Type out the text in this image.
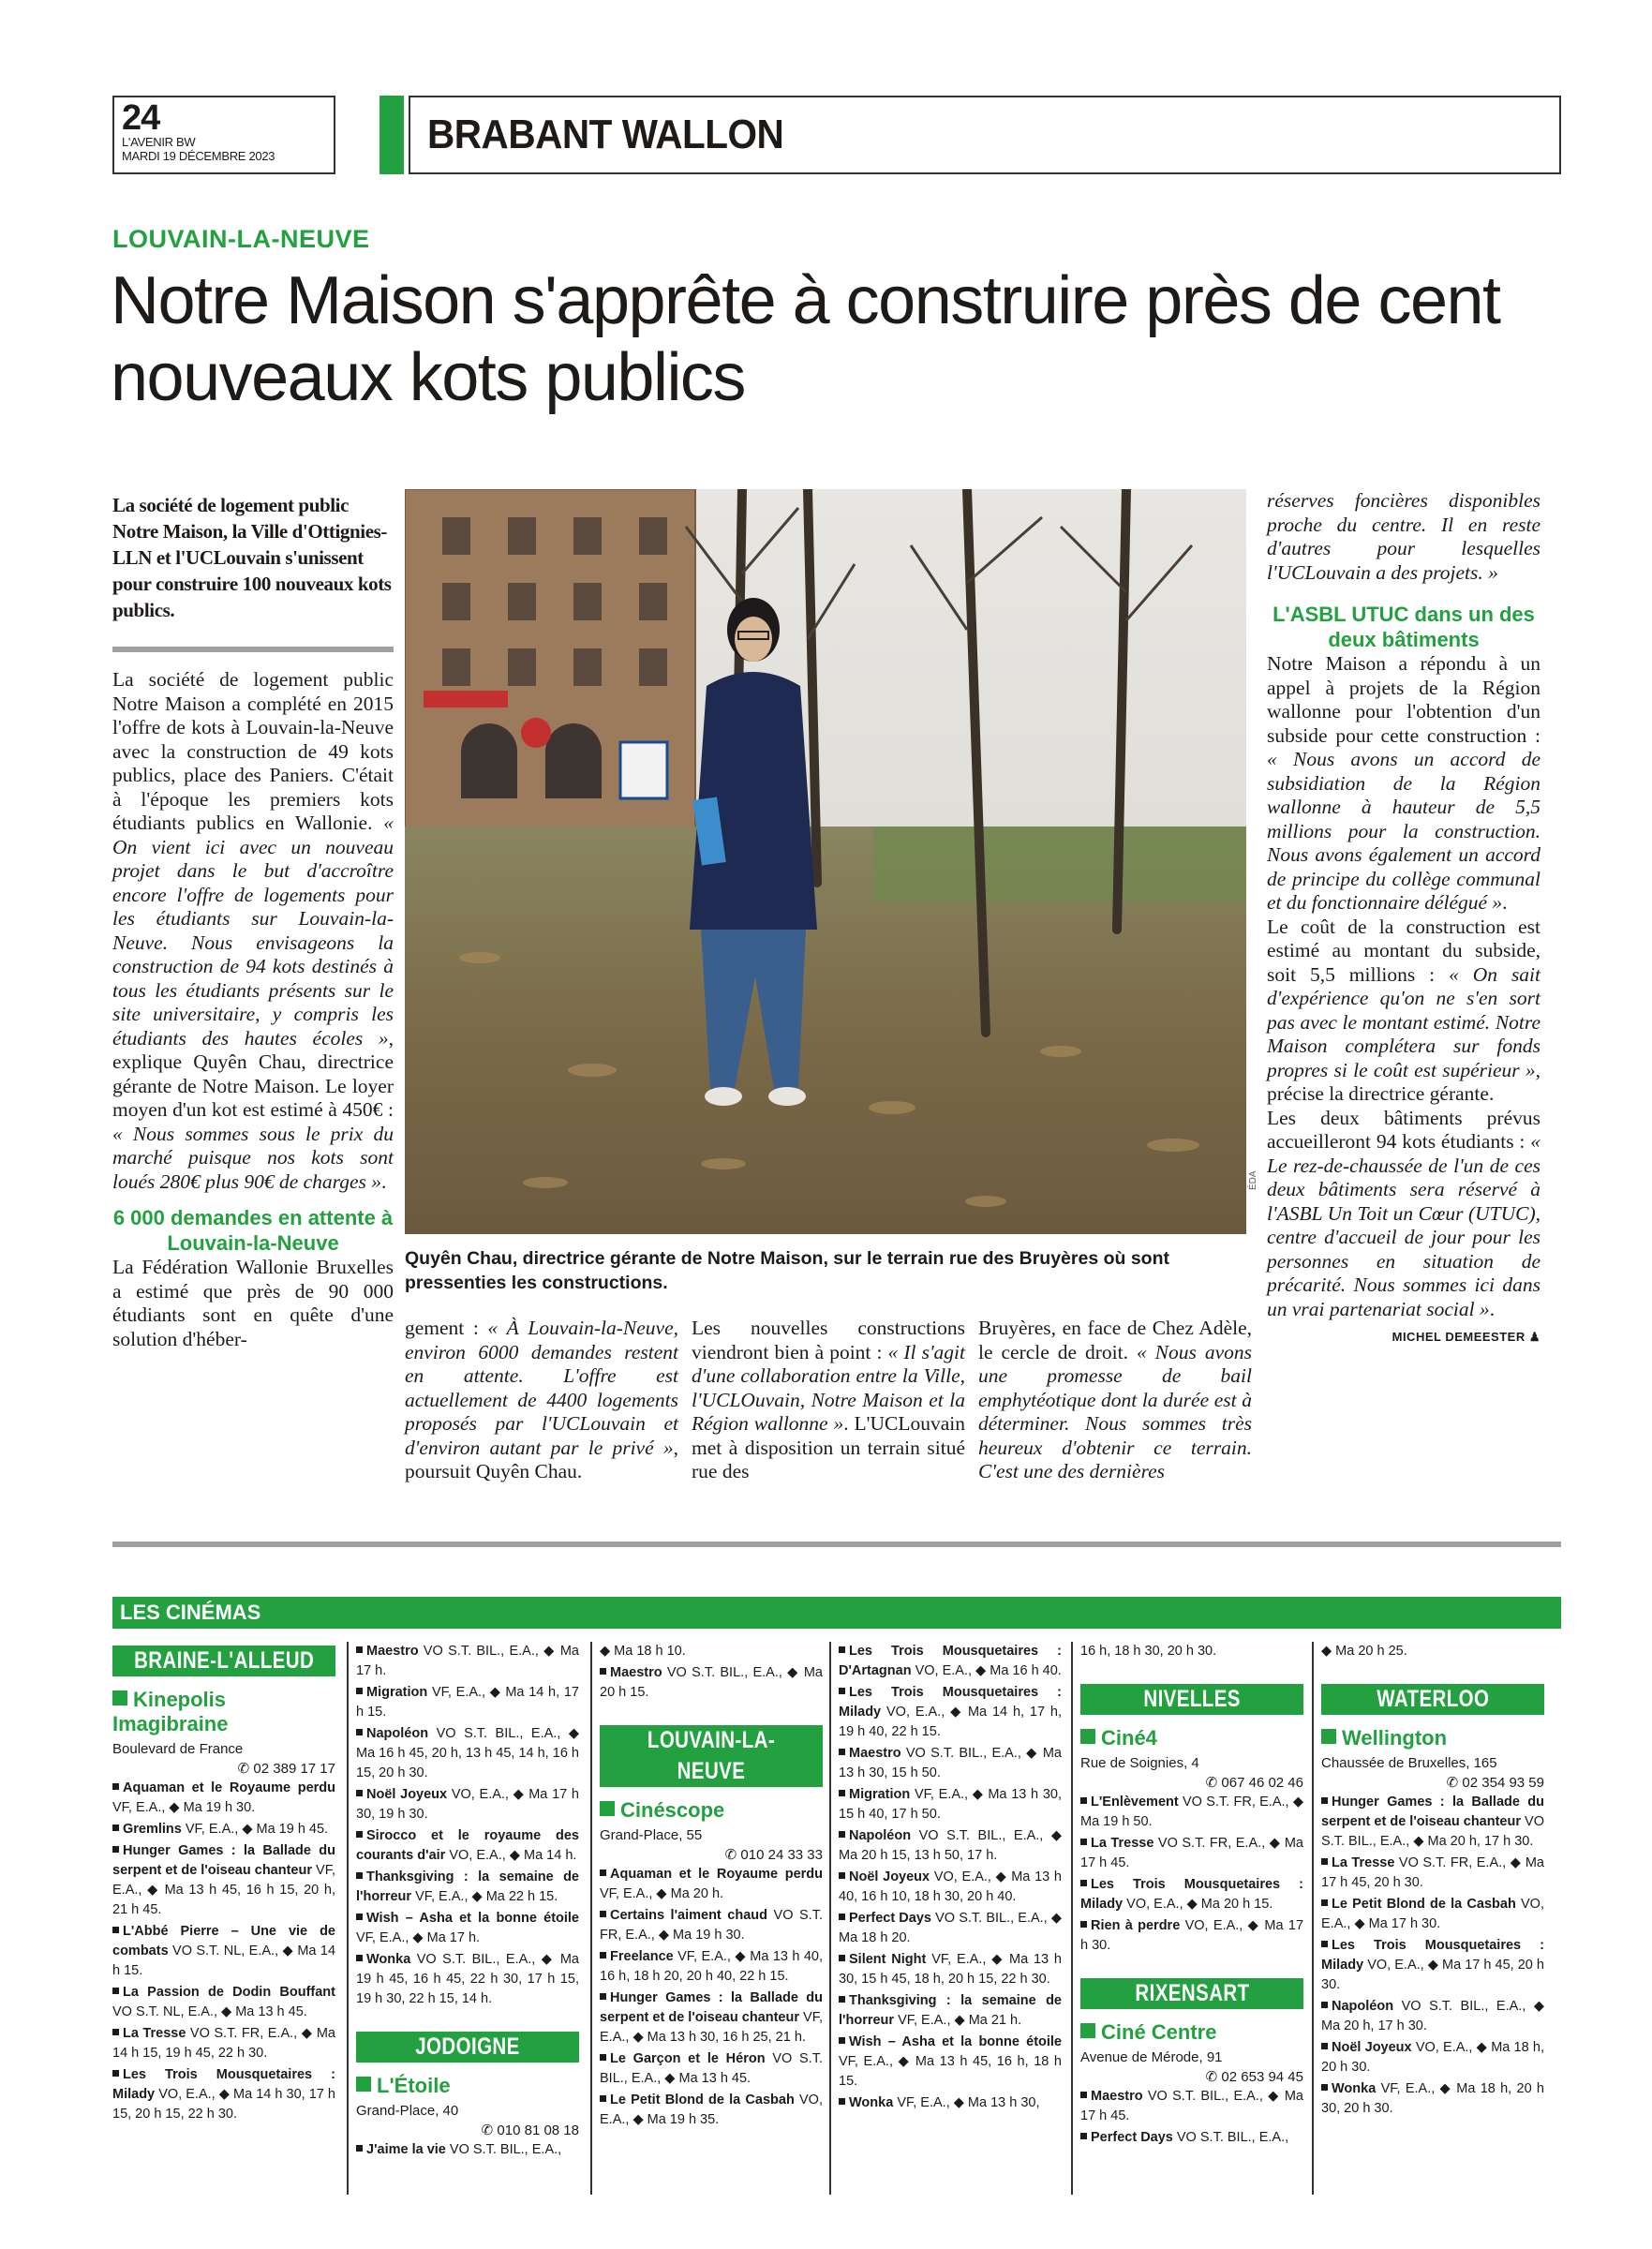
24
L'AVENIR BW
MARDI 19 DÉCEMBRE 2023	BRABANT WALLON
LOUVAIN-LA-NEUVE
Notre Maison s'apprête à construire près de cent nouveaux kots publics
La société de logement public Notre Maison, la Ville d'Ottignies-LLN et l'UCLouvain s'unissent pour construire 100 nouveaux kots publics.
La société de logement public Notre Maison a complété en 2015 l'offre de kots à Louvain-la-Neuve avec la construction de 49 kots publics, place des Paniers. C'était à l'époque les premiers kots étudiants publics en Wallonie. « On vient ici avec un nouveau projet dans le but d'accroître encore l'offre de logements pour les étudiants sur Louvain-la-Neuve. Nous envisageons la construction de 94 kots destinés à tous les étudiants présents sur le site universitaire, y compris les étudiants des hautes écoles », explique Quyên Chau, directrice gérante de Notre Maison. Le loyer moyen d'un kot est estimé à 450€ : « Nous sommes sous le prix du marché puisque nos kots sont loués 280€ plus 90€ de charges ».
6 000 demandes en attente à Louvain-la-Neuve
La Fédération Wallonie Bruxelles a estimé que près de 90 000 étudiants sont en quête d'une solution d'héber-
ÉDA
Quyên Chau, directrice gérante de Notre Maison, sur le terrain rue des Bruyères où sont pressenties les constructions.
gement : « À Louvain-la-Neuve, environ 6000 demandes restent en attente. L'offre est actuellement de 4400 logements proposés par l'UCLouvain et d'environ autant par le privé », poursuit Quyên Chau.
Les nouvelles constructions viendront bien à point : « Il s'agit d'une collaboration entre la Ville, l'UCLOuvain, Notre Maison et la Région wallonne ». L'UCLouvain met à disposition un terrain situé rue des
Bruyères, en face de Chez Adèle, le cercle de droit. « Nous avons une promesse de bail emphytéotique dont la durée est à déterminer. Nous sommes très heureux d'obtenir ce terrain. C'est une des dernières
réserves foncières disponibles proche du centre. Il en reste d'autres pour lesquelles l'UCLouvain a des projets. »
L'ASBL UTUC dans un des deux bâtiments
Notre Maison a répondu à un appel à projets de la Région wallonne pour l'obtention d'un subside pour cette construction : « Nous avons un accord de subsidiation de la Région wallonne à hauteur de 5,5 millions pour la construction. Nous avons également un accord de principe du collège communal et du fonctionnaire délégué ».
Le coût de la construction est estimé au montant du subside, soit 5,5 millions : « On sait d'expérience qu'on ne s'en sort pas avec le montant estimé. Notre Maison complétera sur fonds propres si le coût est supérieur », précise la directrice gérante.
Les deux bâtiments prévus accueilleront 94 kots étudiants : « Le rez-de-chaussée de l'un de ces deux bâtiments sera réservé à l'ASBL Un Toit un Cœur (UTUC), centre d'accueil de jour pour les personnes en situation de précarité. Nous sommes ici dans un vrai partenariat social ».
MICHEL DEMEESTER ♟
LES CINÉMAS
BRAINE-L'ALLEUD
Kinepolis Imagibraine
Boulevard de France
✆ 02 389 17 17
Aquaman et le Royaume perdu VF, E.A., ◆ Ma 19 h 30.
Gremlins VF, E.A., ◆ Ma 19 h 45.
Hunger Games : la Ballade du serpent et de l'oiseau chanteur VF, E.A., ◆ Ma 13 h 45, 16 h 15, 20 h, 21 h 45.
L'Abbé Pierre – Une vie de combats VO S.T. NL, E.A., ◆ Ma 14 h 15.
La Passion de Dodin Bouffant VO S.T. NL, E.A., ◆ Ma 13 h 45.
La Tresse VO S.T. FR, E.A., ◆ Ma 14 h 15, 19 h 45, 22 h 30.
Les Trois Mousquetaires : Milady VO, E.A., ◆ Ma 14 h 30, 17 h 15, 20 h 15, 22 h 30.
Maestro VO S.T. BIL., E.A., ◆ Ma 17 h.
Migration VF, E.A., ◆ Ma 14 h, 17 h 15.
Napoléon VO S.T. BIL., E.A., ◆ Ma 16 h 45, 20 h, 13 h 45, 14 h, 16 h 15, 20 h 30.
Noël Joyeux VO, E.A., ◆ Ma 17 h 30, 19 h 30.
Sirocco et le royaume des courants d'air VO, E.A., ◆ Ma 14 h.
Thanksgiving : la semaine de l'horreur VF, E.A., ◆ Ma 22 h 15.
Wish – Asha et la bonne étoile VF, E.A., ◆ Ma 17 h.
Wonka VO S.T. BIL., E.A., ◆ Ma 19 h 45, 16 h 45, 22 h 30, 17 h 15, 19 h 30, 22 h 15, 14 h.
JODOIGNE
L'Étoile
Grand-Place, 40
✆ 010 81 08 18
J'aime la vie VO S.T. BIL., E.A.,
◆ Ma 18 h 10.
Maestro VO S.T. BIL., E.A., ◆ Ma 20 h 15.
LOUVAIN-LA-NEUVE
Cinéscope
Grand-Place, 55
✆ 010 24 33 33
Aquaman et le Royaume perdu VF, E.A., ◆ Ma 20 h.
Certains l'aiment chaud VO S.T. FR, E.A., ◆ Ma 19 h 30.
Freelance VF, E.A., ◆ Ma 13 h 40, 16 h, 18 h 20, 20 h 40, 22 h 15.
Hunger Games : la Ballade du serpent et de l'oiseau chanteur VF, E.A., ◆ Ma 13 h 30, 16 h 25, 21 h.
Le Garçon et le Héron VO S.T. BIL., E.A., ◆ Ma 13 h 45.
Le Petit Blond de la Casbah VO, E.A., ◆ Ma 19 h 35.
Les Trois Mousquetaires : D'Artagnan VO, E.A., ◆ Ma 16 h 40.
Les Trois Mousquetaires : Milady VO, E.A., ◆ Ma 14 h, 17 h, 19 h 40, 22 h 15.
Maestro VO S.T. BIL., E.A., ◆ Ma 13 h 30, 15 h 50.
Migration VF, E.A., ◆ Ma 13 h 30, 15 h 40, 17 h 50.
Napoléon VO S.T. BIL., E.A., ◆ Ma 20 h 15, 13 h 50, 17 h.
Noël Joyeux VO, E.A., ◆ Ma 13 h 40, 16 h 10, 18 h 30, 20 h 40.
Perfect Days VO S.T. BIL., E.A., ◆ Ma 18 h 20.
Silent Night VF, E.A., ◆ Ma 13 h 30, 15 h 45, 18 h, 20 h 15, 22 h 30.
Thanksgiving : la semaine de l'horreur VF, E.A., ◆ Ma 21 h.
Wish – Asha et la bonne étoile VF, E.A., ◆ Ma 13 h 45, 16 h, 18 h 15.
Wonka VF, E.A., ◆ Ma 13 h 30,
16 h, 18 h 30, 20 h 30.
NIVELLES
Ciné4
Rue de Soignies, 4
✆ 067 46 02 46
L'Enlèvement VO S.T. FR, E.A., ◆ Ma 19 h 50.
La Tresse VO S.T. FR, E.A., ◆ Ma 17 h 45.
Les Trois Mousquetaires : Milady VO, E.A., ◆ Ma 20 h 15.
Rien à perdre VO, E.A., ◆ Ma 17 h 30.
RIXENSART
Ciné Centre
Avenue de Mérode, 91
✆ 02 653 94 45
Maestro VO S.T. BIL., E.A., ◆ Ma 17 h 45.
Perfect Days VO S.T. BIL., E.A.,
◆ Ma 20 h 25.
WATERLOO
Wellington
Chaussée de Bruxelles, 165
✆ 02 354 93 59
Hunger Games : la Ballade du serpent et de l'oiseau chanteur VO S.T. BIL., E.A., ◆ Ma 20 h, 17 h 30.
La Tresse VO S.T. FR, E.A., ◆ Ma 17 h 45, 20 h 30.
Le Petit Blond de la Casbah VO, E.A., ◆ Ma 17 h 30.
Les Trois Mousquetaires : Milady VO, E.A., ◆ Ma 17 h 45, 20 h 30.
Napoléon VO S.T. BIL., E.A., ◆ Ma 20 h, 17 h 30.
Noël Joyeux VO, E.A., ◆ Ma 18 h, 20 h 30.
Wonka VF, E.A., ◆ Ma 18 h, 20 h 30, 20 h 30.
